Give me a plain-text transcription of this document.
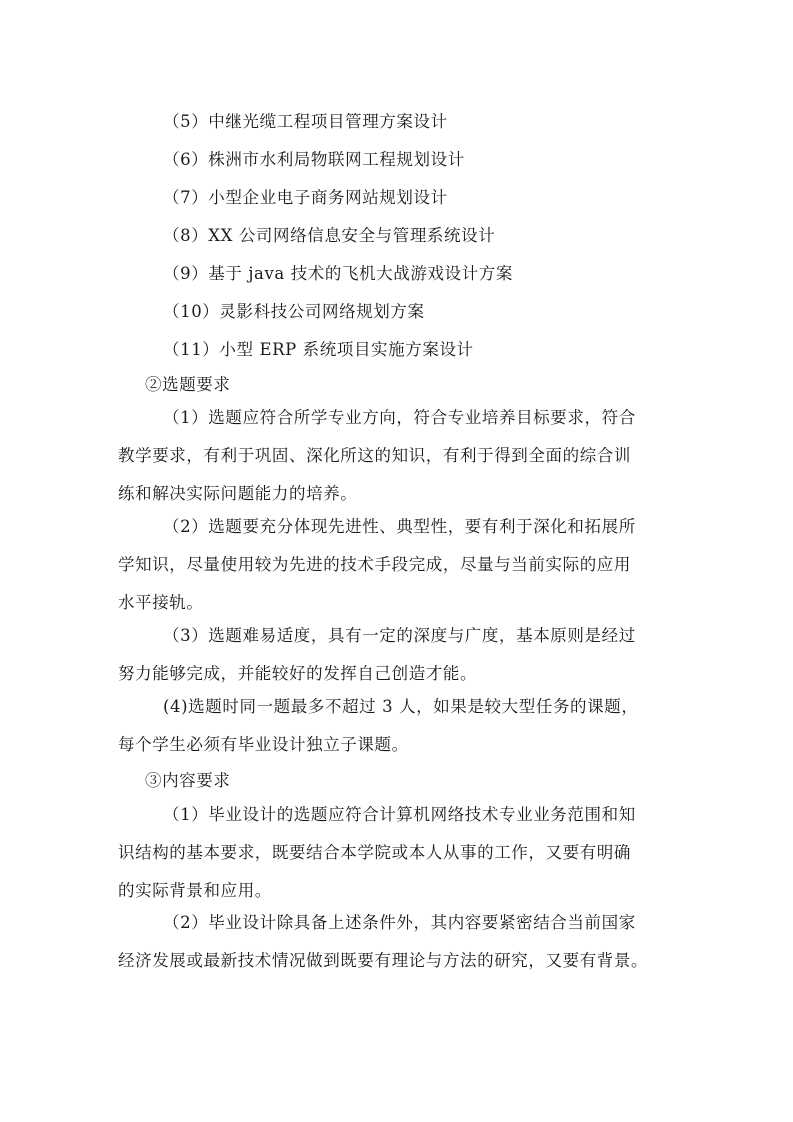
（5）中继光缆工程项目管理方案设计
（6）株洲市水利局物联网工程规划设计
（7）小型企业电子商务网站规划设计
（8）XX 公司网络信息安全与管理系统设计
（9）基于 java 技术的飞机大战游戏设计方案
（10）灵影科技公司网络规划方案
（11）小型 ERP 系统项目实施方案设计
②选题要求

（1）选题应符合所学专业方向，符合专业培养目标要求，符合
教学要求，有利于巩固、深化所这的知识，有利于得到全面的综合训
练和解决实际问题能力的培养。

（2）选题要充分体现先进性、典型性，要有利于深化和拓展所
学知识，尽量使用较为先进的技术手段完成，尽量与当前实际的应用
水平接轨。

（3）选题难易适度，具有一定的深度与广度，基本原则是经过
努力能够完成，并能较好的发挥自己创造才能。

(4)选题时同一题最多不超过 3 人，如果是较大型任务的课题，
每个学生必须有毕业设计独立子课题。

③内容要求

（1）毕业设计的选题应符合计算机网络技术专业业务范围和知
识结构的基本要求，既要结合本学院或本人从事的工作，又要有明确
的实际背景和应用。

（2）毕业设计除具备上述条件外，其内容要紧密结合当前国家
经济发展或最新技术情况做到既要有理论与方法的研究，又要有背景。
